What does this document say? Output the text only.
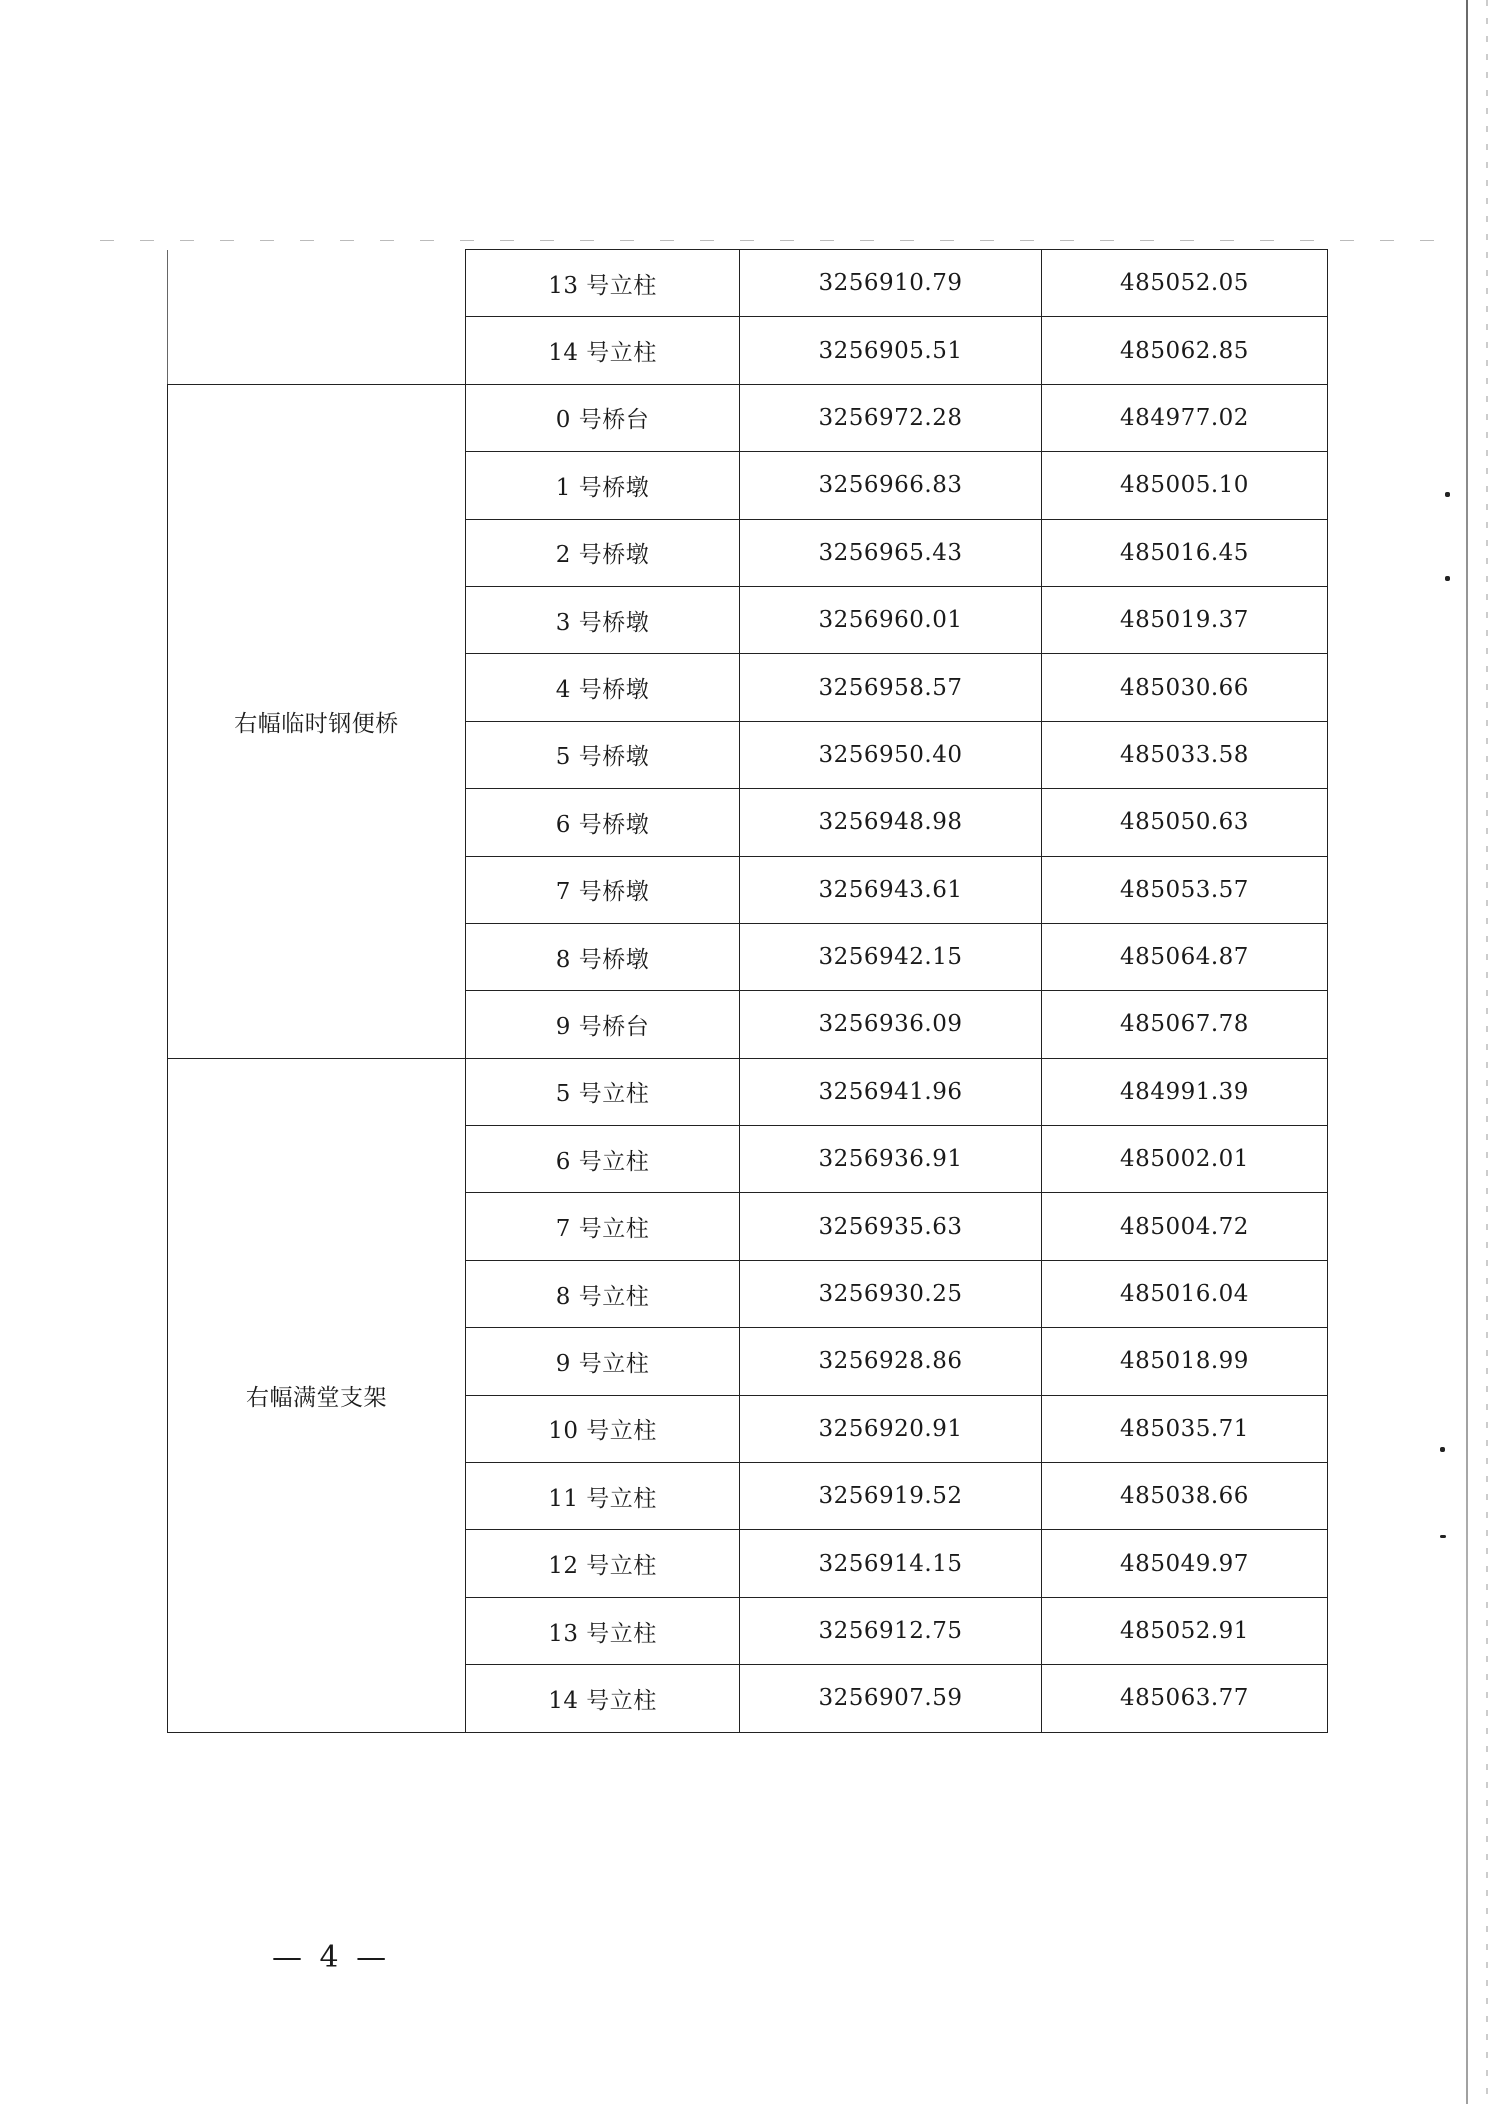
	13 号立柱	3256910.79	485052.05
	14 号立柱	3256905.51	485062.85
右幅临时钢便桥	0 号桥台	3256972.28	484977.02
	1 号桥墩	3256966.83	485005.10
	2 号桥墩	3256965.43	485016.45
	3 号桥墩	3256960.01	485019.37
	4 号桥墩	3256958.57	485030.66
	5 号桥墩	3256950.40	485033.58
	6 号桥墩	3256948.98	485050.63
	7 号桥墩	3256943.61	485053.57
	8 号桥墩	3256942.15	485064.87
	9 号桥台	3256936.09	485067.78
右幅满堂支架	5 号立柱	3256941.96	484991.39
	6 号立柱	3256936.91	485002.01
	7 号立柱	3256935.63	485004.72
	8 号立柱	3256930.25	485016.04
	9 号立柱	3256928.86	485018.99
	10 号立柱	3256920.91	485035.71
	11 号立柱	3256919.52	485038.66
	12 号立柱	3256914.15	485049.97
	13 号立柱	3256912.75	485052.91
	14 号立柱	3256907.59	485063.77
— 4 —
